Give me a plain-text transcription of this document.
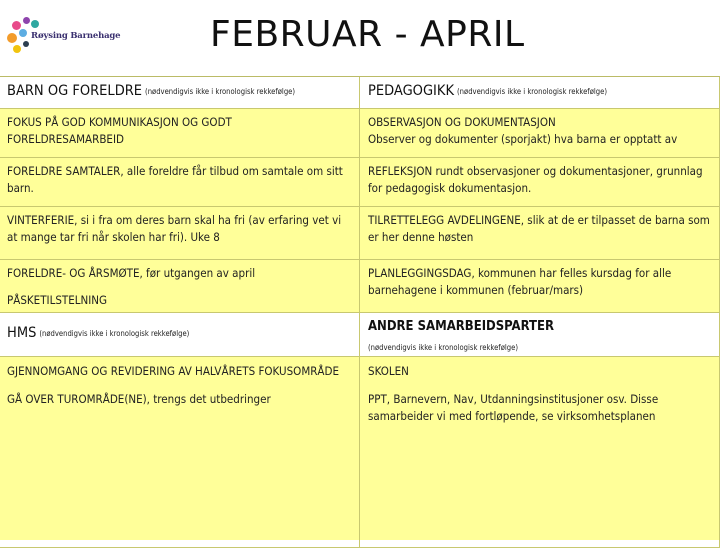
Røysing Barnehage FEBRUAR - APRIL
BARN OG FORELDRE (nødvendigvis ikke i kronologisk rekkefølge)	PEDAGOGIKK (nødvendigvis ikke i kronologisk rekkefølge)
FOKUS PÅ GOD KOMMUNIKASJON OG GODT FORELDRESAMARBEID
OBSERVASJON OG DOKUMENTASJON
Observer og dokumenter (sporjakt) hva barna er opptatt av
FORELDRE SAMTALER, alle foreldre får tilbud om samtale om sitt barn.
REFLEKSJON rundt observasjoner og dokumentasjoner, grunnlag for pedagogisk dokumentasjon.
VINTERFERIE, si i fra om deres barn skal ha fri (av erfaring vet vi at mange tar fri når skolen har fri). Uke 8
TILRETTELEGG AVDELINGENE, slik at de er tilpasset de barna som er her denne høsten
FORELDRE- OG ÅRSMØTE, før utgangen av april
PÅSKETILSTELNING
PLANLEGGINGSDAG, kommunen har felles kursdag for alle barnehagene i kommunen (februar/mars)
HMS (nødvendigvis ikke i kronologisk rekkefølge)	ANDRE SAMARBEIDSPARTER
(nødvendigvis ikke i kronologisk rekkefølge)

GJENNOMGANG OG REVIDERING AV HALVÅRETS FOKUSOMRÅDE

GÅ OVER TUROMRÅDE(NE), trengs det utbedringer

SKOLEN

PPT, Barnevern, Nav, Utdanningsinstitusjoner osv. Disse samarbeider vi med fortløpende, se virksomhetsplanen
